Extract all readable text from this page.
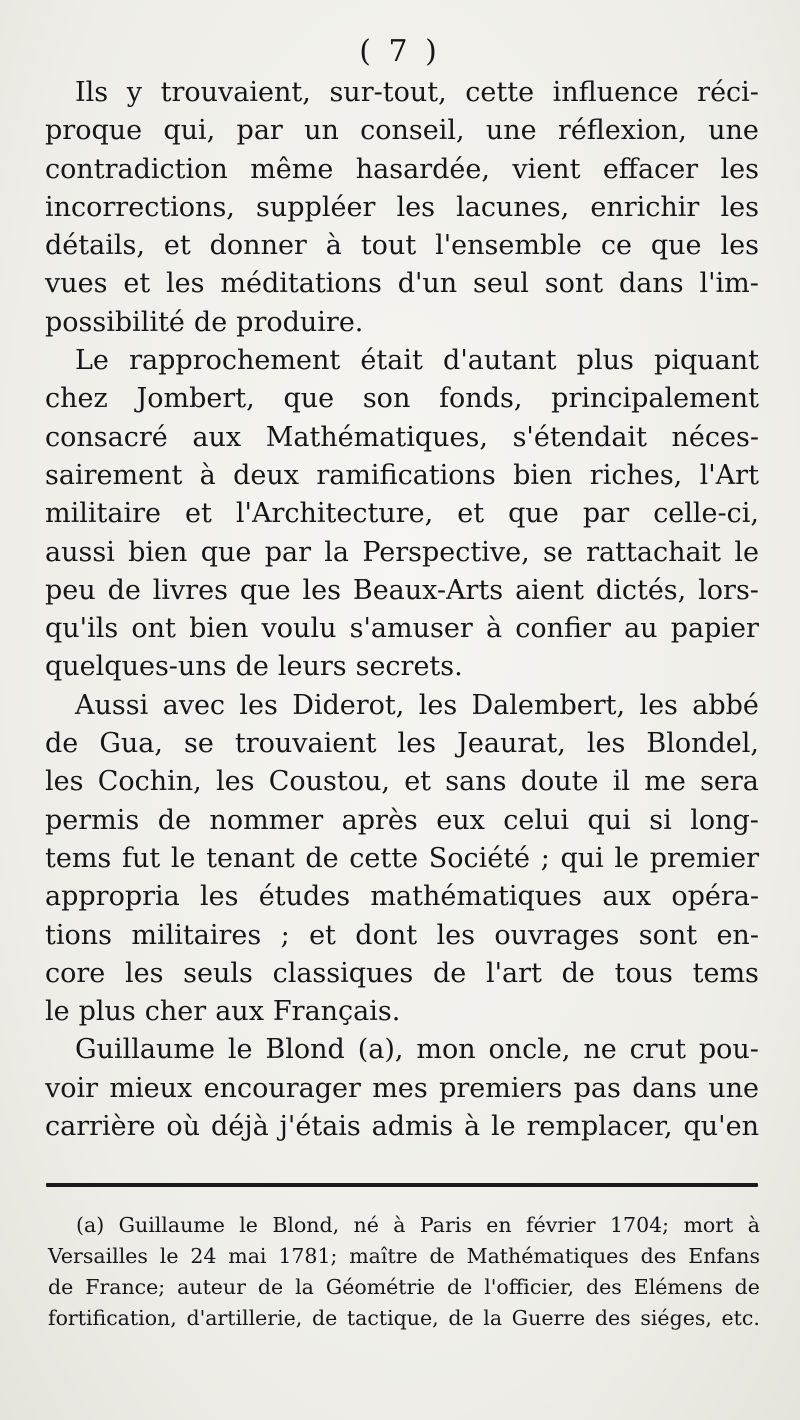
( 7 )
Ils y trouvaient, sur-tout, cette influence réci-
proque qui, par un conseil, une réflexion, une
contradiction même hasardée, vient effacer les
incorrections, suppléer les lacunes, enrichir les
détails, et donner à tout l'ensemble ce que les
vues et les méditations d'un seul sont dans l'im-
possibilité de produire.
Le rapprochement était d'autant plus piquant
chez Jombert, que son fonds, principalement
consacré aux Mathématiques, s'étendait néces-
sairement à deux ramifications bien riches, l'Art
militaire et l'Architecture, et que par celle-ci,
aussi bien que par la Perspective, se rattachait le
peu de livres que les Beaux-Arts aient dictés, lors-
qu'ils ont bien voulu s'amuser à confier au papier
quelques-uns de leurs secrets.
Aussi avec les Diderot, les Dalembert, les abbé
de Gua, se trouvaient les Jeaurat, les Blondel,
les Cochin, les Coustou, et sans doute il me sera
permis de nommer après eux celui qui si long-
tems fut le tenant de cette Société ; qui le premier
appropria les études mathématiques aux opéra-
tions militaires ; et dont les ouvrages sont en-
core les seuls classiques de l'art de tous tems
le plus cher aux Français.
Guillaume le Blond (a), mon oncle, ne crut pou-
voir mieux encourager mes premiers pas dans une
carrière où déjà j'étais admis à le remplacer, qu'en
(a) Guillaume le Blond, né à Paris en février 1704; mort à
Versailles le 24 mai 1781; maître de Mathématiques des Enfans
de France; auteur de la Géométrie de l'officier, des Elémens de
fortification, d'artillerie, de tactique, de la Guerre des siéges, etc.
